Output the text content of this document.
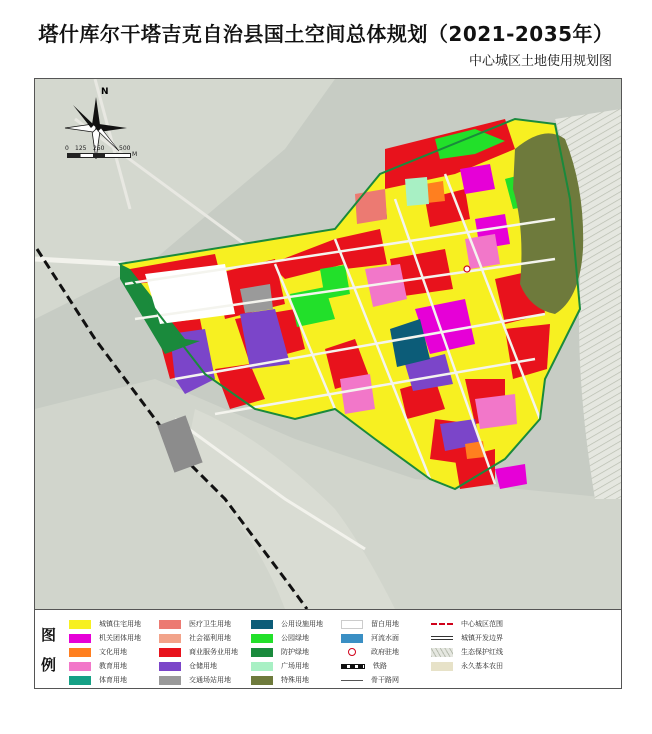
塔什库尔干塔吉克自治县国土空间总体规划（2021-2035年）
中心城区土地使用规划图
N
0 125 250 500
M
图
例
城镇住宅用地
机关团体用地
文化用地
教育用地
体育用地
医疗卫生用地
社会福利用地
商业服务业用地
仓储用地
交通场站用地
公用设施用地
公园绿地
防护绿地
广场用地
特殊用地
留白用地
河流水面
政府驻地
铁路
骨干路网
中心城区范围
城镇开发边界
生态保护红线
永久基本农田
